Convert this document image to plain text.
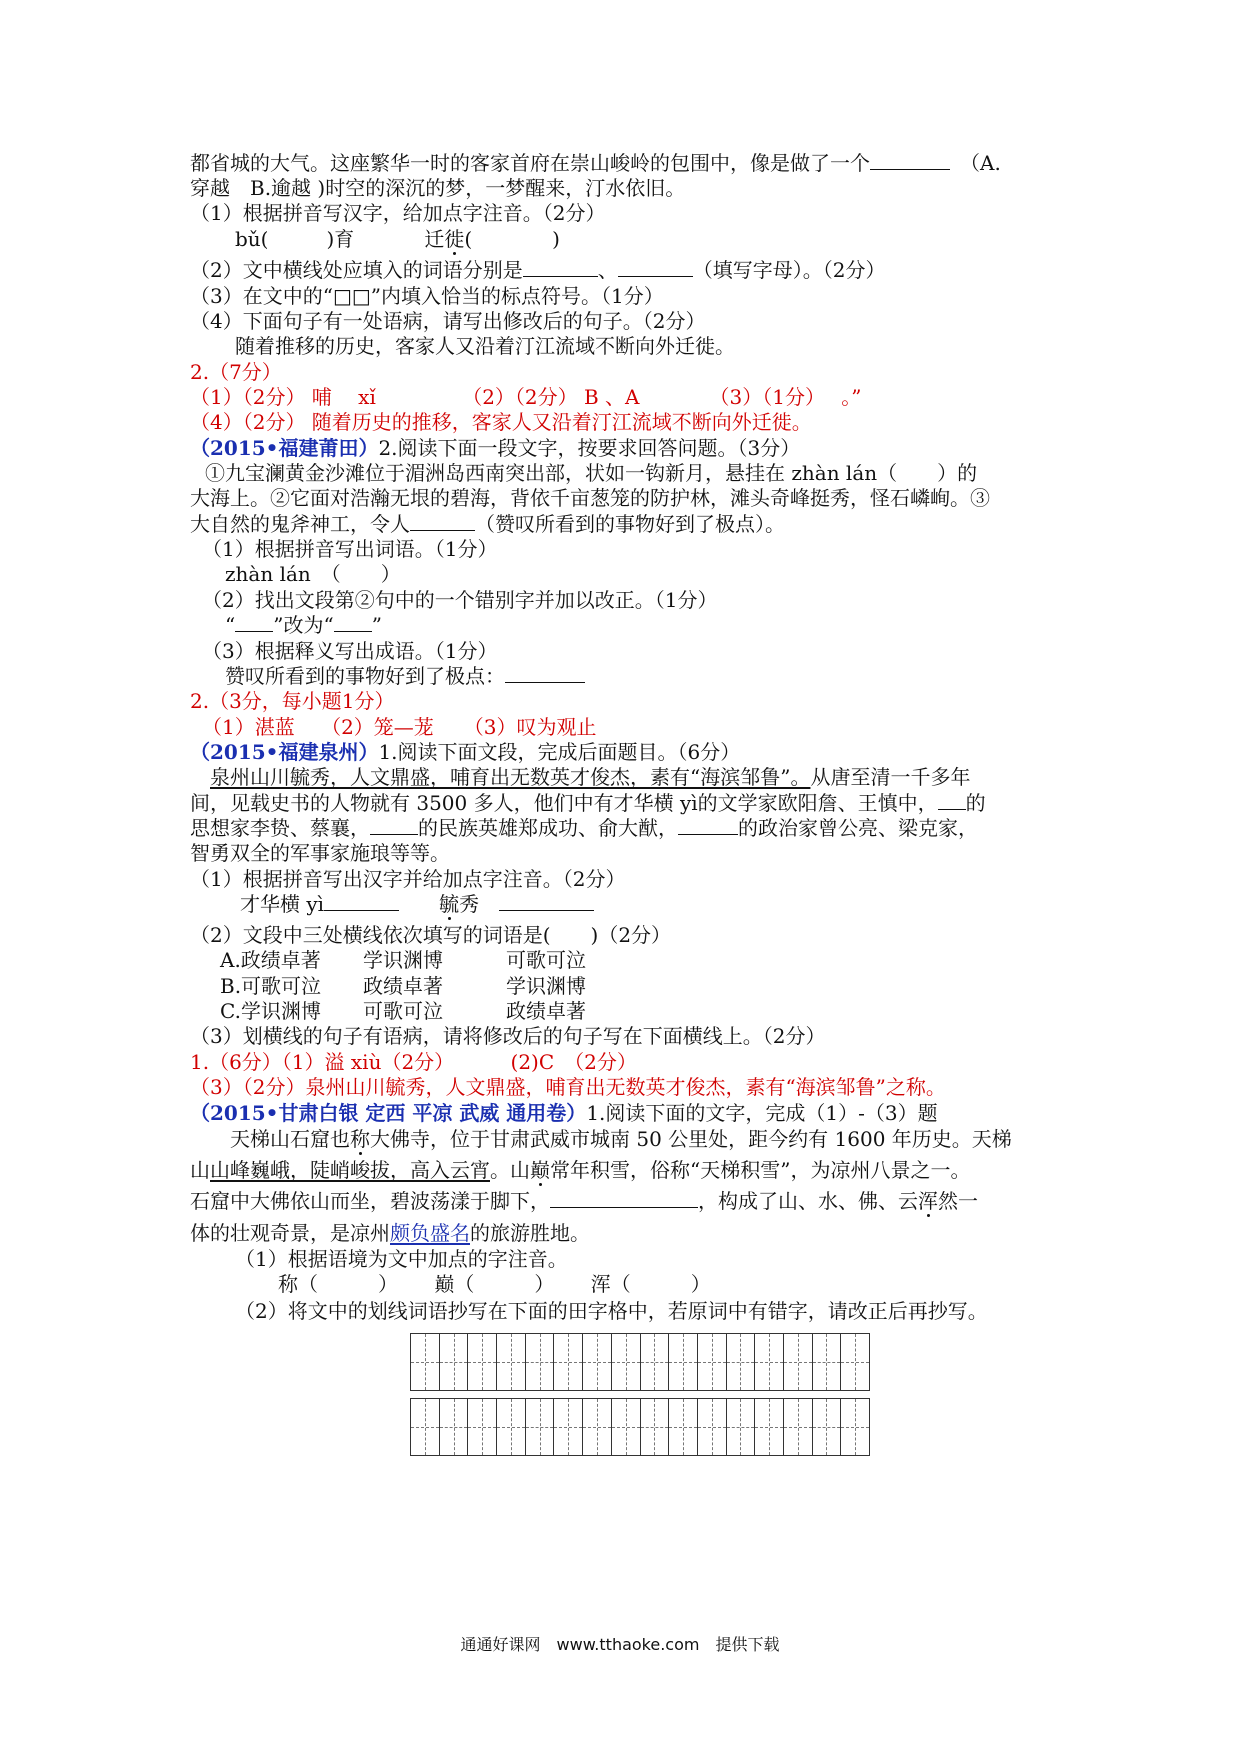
都省城的大气。这座繁华一时的客家首府在崇山峻岭的包围中，像是做了一个　	（A.
穿越　B.逾越 )时空的深沉的梦，一梦醒来，汀水依旧。
（1）根据拼音写汉字，给加点字注音。（2分）
bǔ(	)育	迁徙(	)
（2）文中横线处应填入的词语分别是	、	（填写字母）。（2分）
（3）在文中的“□□”内填入恰当的标点符号。（1分）
（4）下面句子有一处语病，请写出修改后的句子。（2分）
随着推移的历史，客家人又沿着汀江流域不断向外迁徙。
2.（7分）
（1）（2分） 哺　 xǐ　　　　 （2）（2分） B 、A　　　　（3）（1分）　 。”
（4）（2分） 随着历史的推移，客家人又沿着汀江流域不断向外迁徙。
（2015•福建莆田）2.阅读下面一段文字，按要求回答问题。（3分）
①九宝澜黄金沙滩位于湄洲岛西南突出部，状如一钩新月，悬挂在 zhàn lán（　　）的
大海上。②它面对浩瀚无垠的碧海，背依千亩葱笼的防护林，滩头奇峰挺秀，怪石嶙峋。③
大自然的鬼斧神工，令人	（赞叹所看到的事物好到了极点）。
（1）根据拼音写出词语。（1分）
zhàn lán　（　　）
（2）找出文段第②句中的一个错别字并加以改正。（1分）
“ ”改为“ ”
（3）根据释义写出成语。（1分）
赞叹所看到的事物好到了极点：
2.（3分，每小题1分）
（1）湛蓝　 （2）笼—茏　　（3）叹为观止
（2015•福建泉州）1.阅读下面文段，完成后面题目。（6分）
泉州山川毓秀，人文鼎盛，哺育出无数英才俊杰，素有“海滨邹鲁”。从唐至清一千多年
间，见载史书的人物就有 3500 多人，他们中有才华横 yì的文学家欧阳詹、王慎中， 的
思想家李贽、蔡襄， 的民族英雄郑成功、俞大猷，	的政治家曾公亮、梁克家，
智勇双全的军事家施琅等等。
（1）根据拼音写出汉字并给加点字注音。（2分）
才华横 yì	毓秀　
（2）文段中三处横线依次填写的词语是(　　)（2分）
A.政绩卓著 学识渊博	可歌可泣
B.可歌可泣 政绩卓著	学识渊博
C.学识渊博 可歌可泣	政绩卓著
（3）划横线的句子有语病，请将修改后的句子写在下面横线上。（2分）
1.（6分）（1）溢 xiù（2分）　　　 (2)C　（2分）
（3）（2分）泉州山川毓秀，人文鼎盛，哺育出无数英才俊杰，素有“海滨邹鲁”之称。
（2015•甘肃白银 定西 平凉 武威 通用卷）1.阅读下面的文字，完成（1）-（3）题
天梯山石窟也称大佛寺，位于甘肃武威市城南 50 公里处，距今约有 1600 年历史。天梯
山山峰巍峨，陡峭峻拔，高入云宵。山巅常年积雪，俗称“天梯积雪”，为凉州八景之一。
石窟中大佛依山而坐，碧波荡漾于脚下，	，构成了山、水、佛、云浑然一
体的壮观奇景，是凉州颇负盛名的旅游胜地。
（1）根据语境为文中加点的字注音。
称（　　　）　　 巅（　　　）　　 浑（　　　）
（2）将文中的划线词语抄写在下面的田字格中，若原词中有错字，请改正后再抄写。
通通好课网　www.tthaoke.com　提供下载
